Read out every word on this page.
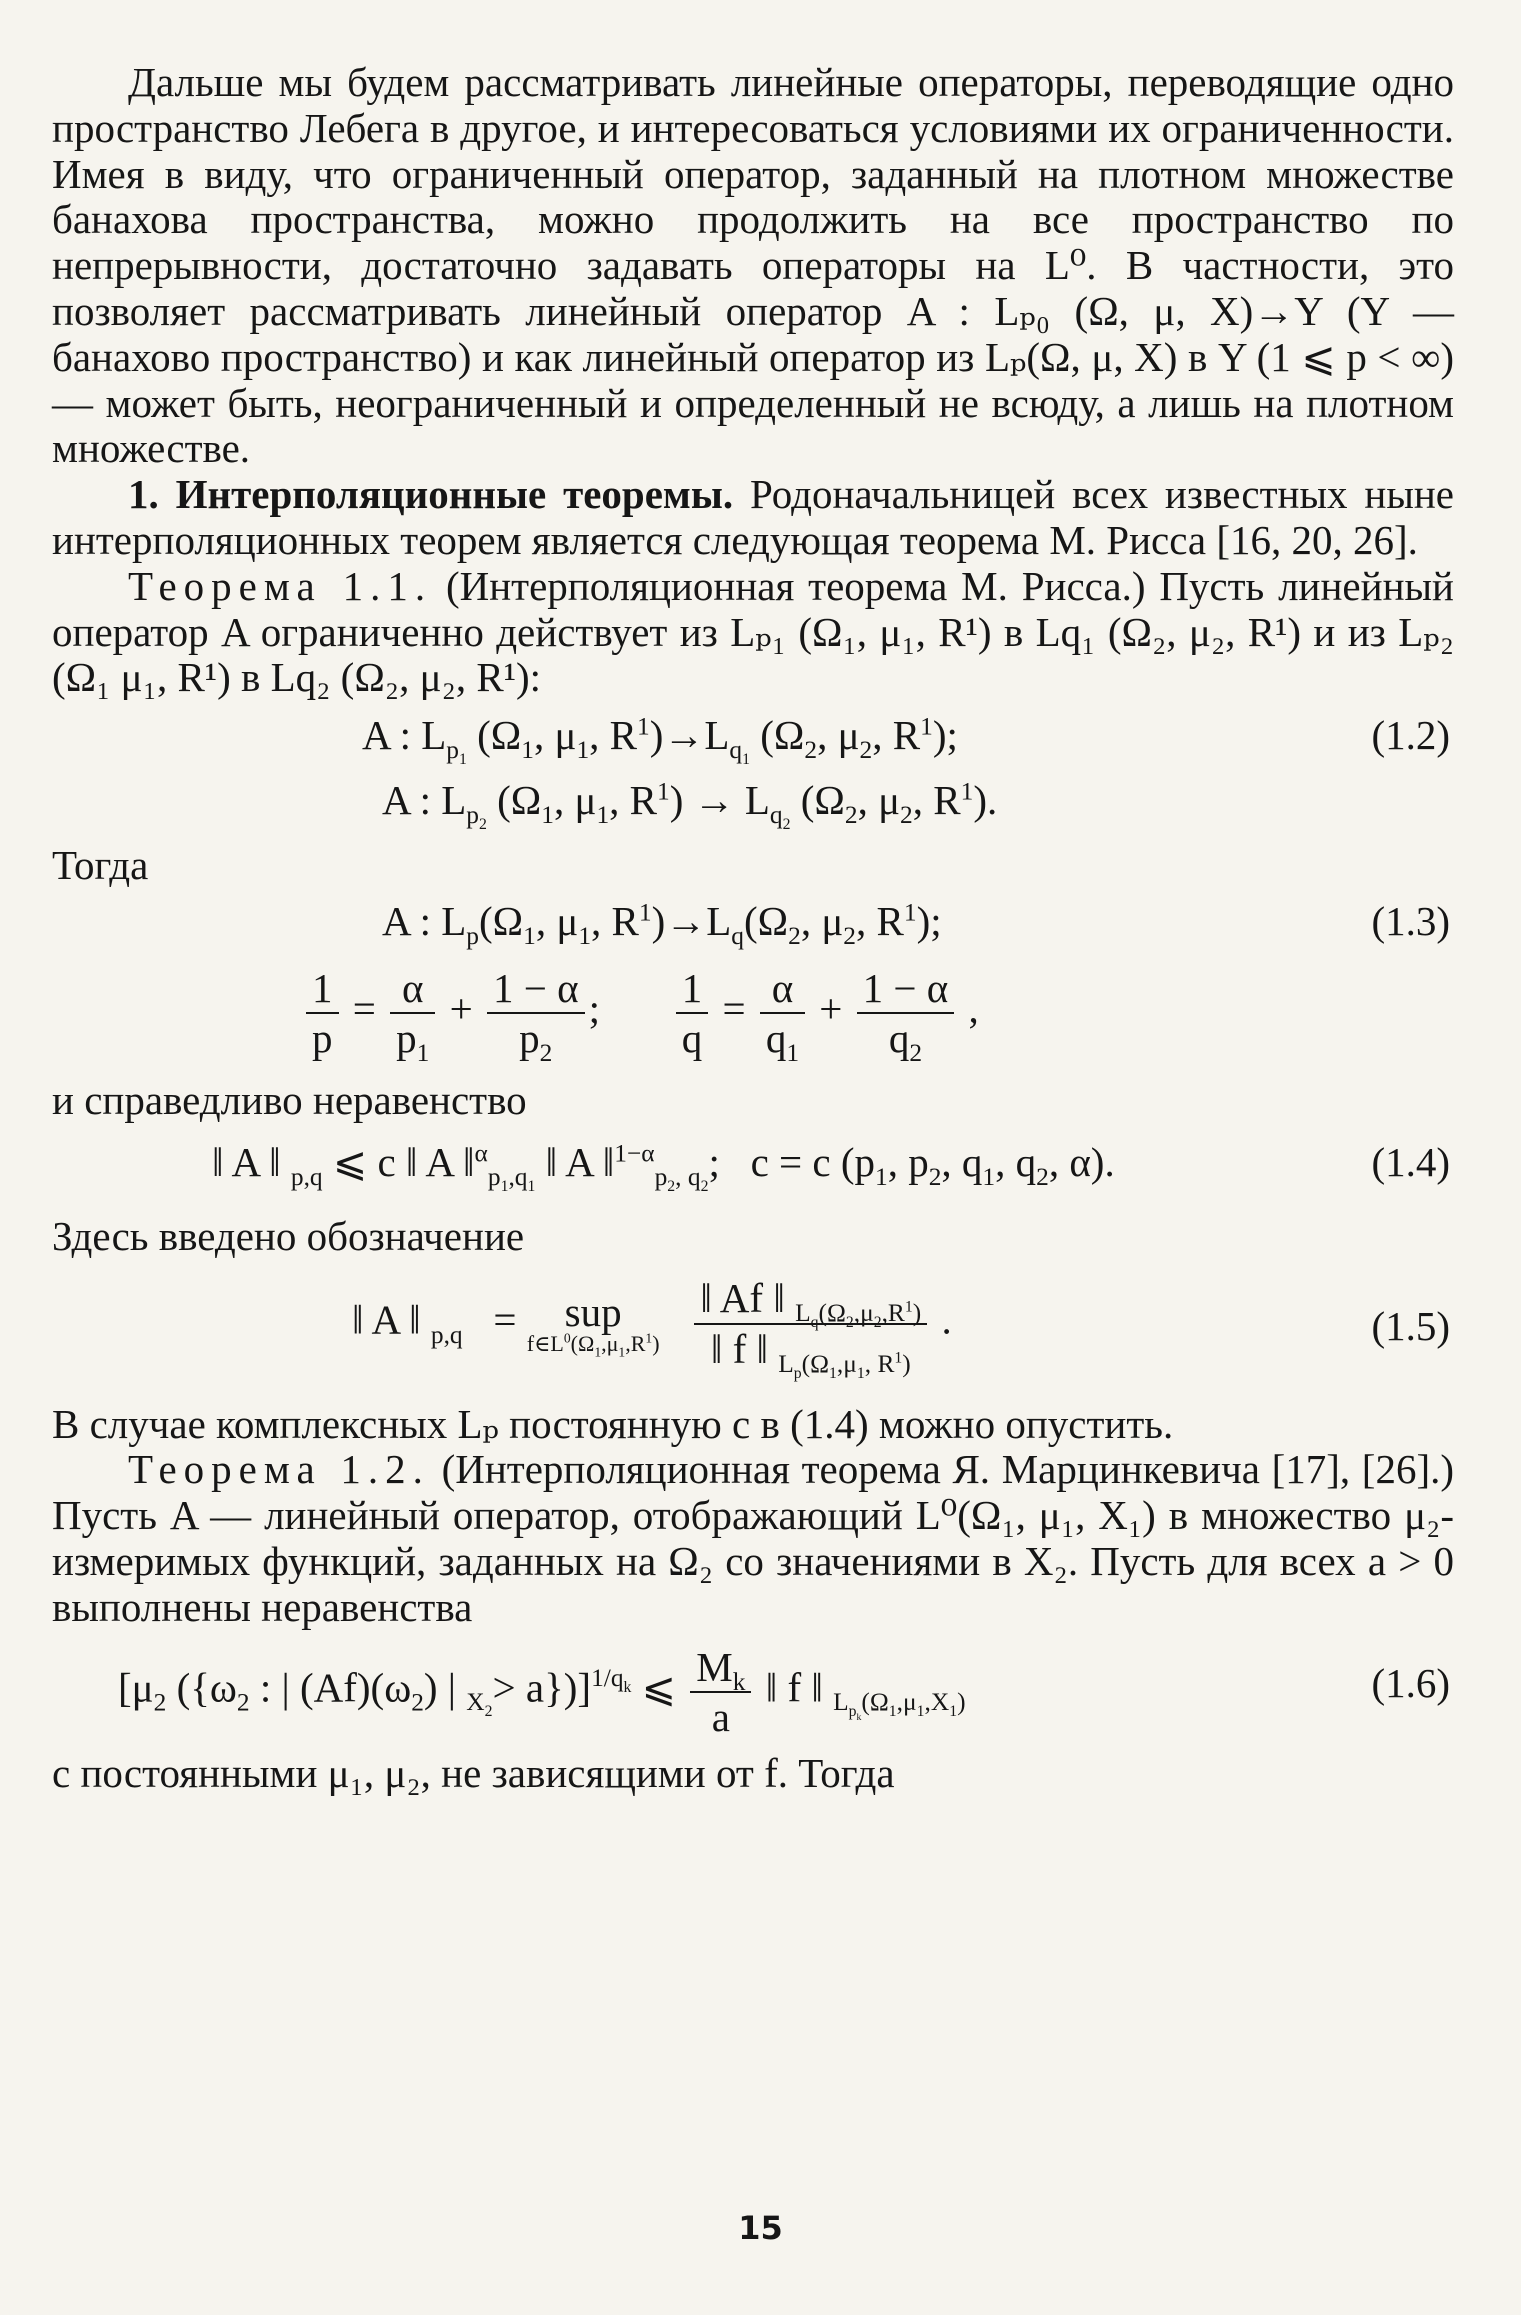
Дальше мы будем рассматривать линейные операторы, переводящие одно пространство Лебега в другое, и интересоваться условиями их ограниченности. Имея в виду, что ограниченный оператор, заданный на плотном множестве банахова пространства, можно продолжить на все пространство по непрерывности, достаточно задавать операторы на L⁰. В частности, это позволяет рассматривать линейный оператор A : Lₚ₀ (Ω, μ, X)→Y (Y — банахово пространство) и как линейный оператор из Lₚ(Ω, μ, X) в Y (1 ⩽ p < ∞) — может быть, неограниченный и определенный не всюду, а лишь на плотном множестве.

1. Интерполяционные теоремы. Родоначальницей всех известных ныне интерполяционных теорем является следующая теорема М. Рисса [16, 20, 26].

Теорема 1.1. (Интерполяционная теорема М. Рисса.) Пусть линейный оператор A ограниченно действует из Lₚ₁ (Ω₁, μ₁, R¹) в Lq₁ (Ω₂, μ₂, R¹) и из Lₚ₂ (Ω₁ μ₁, R¹) в Lq₂ (Ω₂, μ₂, R¹):

A : $L_{p_1}$ ($\Omega_1$, $\mu_1$, $R^1)\to L_{q_1}$ ($\Omega_2$, $\mu_2$, $R^1$);	(1.2)
A : $L_{p_2}$ ($\Omega_1$, $\mu_1$, $R^1) \to L_{q_2}$ ($\Omega_2$, $\mu_2$, $R^1$).

Тогда

A : $L_p(\Omega_1$, $\mu_1$, $R^1)\to L_q(\Omega_2$, $\mu_2$, $R^1$);	(1.3)
$\frac{1}{p} = \frac{\alpha}{p_1} + \frac{1 - \alpha}{p_2}$ ; $\frac{1}{q} = \frac{\alpha}{q_1} + \frac{1 - \alpha}{q_2}$ ,

и справедливо неравенство

‖ A ‖ $_{p,q}$ ⩽ c ‖ A ‖$^\alpha_{p_1,q_1}$ ‖ A ‖$^{1-\alpha}_{p_2, q_2}$;   c = c ($p_1$, $p_2$, $q_1$, $q_2$, α).	(1.4)

Здесь введено обозначение

‖ A ‖ $_{p,q}$   = sup
$f\in L^0(\Omega_1,\mu_1,R^1)$
$\frac{‖ Af ‖ _{L_q(\Omega_2,\mu_2,R^1)}}{‖ f ‖ _{L_p(\Omega_1,\mu_1, R^1)}}$ .	(1.5)

В случае комплексных Lₚ постоянную c в (1.4) можно опустить.

Теорема 1.2. (Интерполяционная теорема Я. Марцинкевича [17], [26].) Пусть A — линейный оператор, отображающий L⁰(Ω₁, μ₁, X₁) в множество μ₂-измеримых функций, заданных на Ω₂ со значениями в X₂. Пусть для всех a > 0 выполнены неравенства

[$\mu_2$ ({$\omega_2$ : | $(Af)(\omega_2)$ | $_{X_2}$> a})]$^{1/q_k}$ ⩽ $\frac{M_k}{a}$ ‖ f ‖ $_{L_{p_k}(\Omega_1,\mu_1,X_1)}$	(1.6)

с постоянными μ₁, μ₂, не зависящими от f. Тогда

15
